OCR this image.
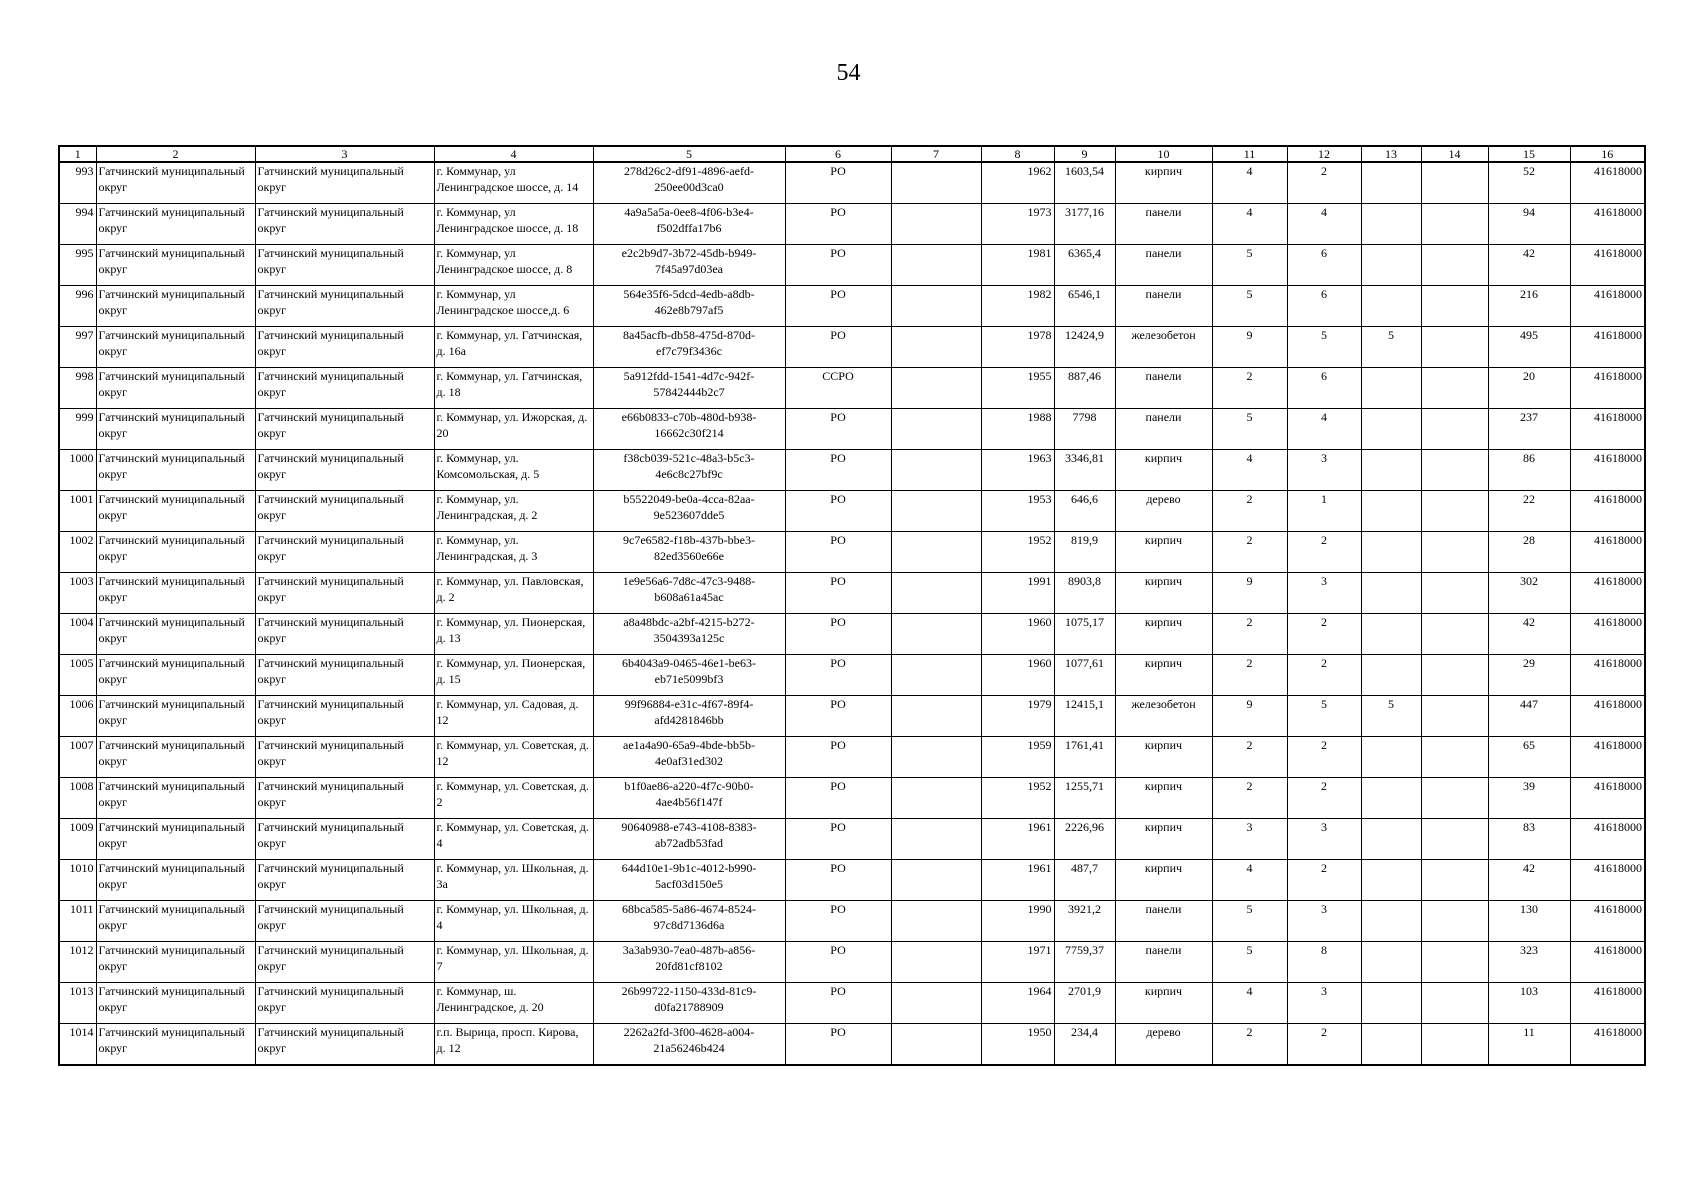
54
1	2	3	4	5	6	7	8	9	10	11	12	13	14	15	16
993	Гатчинский муниципальный округ	Гатчинский муниципальный округ	г. Коммунар, ул Ленинградское шоссе, д. 14	278d26c2-df91-4896-aefd-250ee00d3ca0	РО		1962	1603,54	кирпич	4	2			52	41618000
994	Гатчинский муниципальный округ	Гатчинский муниципальный округ	г. Коммунар, ул Ленинградское шоссе, д. 18	4a9a5a5a-0ee8-4f06-b3e4-f502dffa17b6	РО		1973	3177,16	панели	4	4			94	41618000
995	Гатчинский муниципальный округ	Гатчинский муниципальный округ	г. Коммунар, ул Ленинградское шоссе, д. 8	e2c2b9d7-3b72-45db-b949-7f45a97d03ea	РО		1981	6365,4	панели	5	6			42	41618000
996	Гатчинский муниципальный округ	Гатчинский муниципальный округ	г. Коммунар, ул Ленинградское шоссе,д. 6	564e35f6-5dcd-4edb-a8db-462e8b797af5	РО		1982	6546,1	панели	5	6			216	41618000
997	Гатчинский муниципальный округ	Гатчинский муниципальный округ	г. Коммунар, ул. Гатчинская, д. 16а	8a45acfb-db58-475d-870d-ef7c79f3436c	РО		1978	12424,9	железобетон	9	5	5		495	41618000
998	Гатчинский муниципальный округ	Гатчинский муниципальный округ	г. Коммунар, ул. Гатчинская, д. 18	5a912fdd-1541-4d7c-942f-57842444b2c7	ССРО		1955	887,46	панели	2	6			20	41618000
999	Гатчинский муниципальный округ	Гатчинский муниципальный округ	г. Коммунар, ул. Ижорская, д. 20	e66b0833-c70b-480d-b938-16662c30f214	РО		1988	7798	панели	5	4			237	41618000
1000	Гатчинский муниципальный округ	Гатчинский муниципальный округ	г. Коммунар, ул. Комсомольская, д. 5	f38cb039-521c-48a3-b5c3-4e6c8c27bf9c	РО		1963	3346,81	кирпич	4	3			86	41618000
1001	Гатчинский муниципальный округ	Гатчинский муниципальный округ	г. Коммунар, ул. Ленинградская, д. 2	b5522049-be0a-4cca-82aa-9e523607dde5	РО		1953	646,6	дерево	2	1			22	41618000
1002	Гатчинский муниципальный округ	Гатчинский муниципальный округ	г. Коммунар, ул. Ленинградская, д. 3	9c7e6582-f18b-437b-bbe3-82ed3560e66e	РО		1952	819,9	кирпич	2	2			28	41618000
1003	Гатчинский муниципальный округ	Гатчинский муниципальный округ	г. Коммунар, ул. Павловская, д. 2	1e9e56a6-7d8c-47c3-9488-b608a61a45ac	РО		1991	8903,8	кирпич	9	3			302	41618000
1004	Гатчинский муниципальный округ	Гатчинский муниципальный округ	г. Коммунар, ул. Пионерская, д. 13	a8a48bdc-a2bf-4215-b272-3504393a125c	РО		1960	1075,17	кирпич	2	2			42	41618000
1005	Гатчинский муниципальный округ	Гатчинский муниципальный округ	г. Коммунар, ул. Пионерская, д. 15	6b4043a9-0465-46e1-be63-eb71e5099bf3	РО		1960	1077,61	кирпич	2	2			29	41618000
1006	Гатчинский муниципальный округ	Гатчинский муниципальный округ	г. Коммунар, ул. Садовая, д. 12	99f96884-e31c-4f67-89f4-afd4281846bb	РО		1979	12415,1	железобетон	9	5	5		447	41618000
1007	Гатчинский муниципальный округ	Гатчинский муниципальный округ	г. Коммунар, ул. Советская, д. 12	ae1a4a90-65a9-4bde-bb5b-4e0af31ed302	РО		1959	1761,41	кирпич	2	2			65	41618000
1008	Гатчинский муниципальный округ	Гатчинский муниципальный округ	г. Коммунар, ул. Советская, д. 2	b1f0ae86-a220-4f7c-90b0-4ae4b56f147f	РО		1952	1255,71	кирпич	2	2			39	41618000
1009	Гатчинский муниципальный округ	Гатчинский муниципальный округ	г. Коммунар, ул. Советская, д. 4	90640988-e743-4108-8383-ab72adb53fad	РО		1961	2226,96	кирпич	3	3			83	41618000
1010	Гатчинский муниципальный округ	Гатчинский муниципальный округ	г. Коммунар, ул. Школьная, д. 3а	644d10e1-9b1c-4012-b990-5acf03d150e5	РО		1961	487,7	кирпич	4	2			42	41618000
1011	Гатчинский муниципальный округ	Гатчинский муниципальный округ	г. Коммунар, ул. Школьная, д. 4	68bca585-5a86-4674-8524-97c8d7136d6a	РО		1990	3921,2	панели	5	3			130	41618000
1012	Гатчинский муниципальный округ	Гатчинский муниципальный округ	г. Коммунар, ул. Школьная, д. 7	3a3ab930-7ea0-487b-a856-20fd81cf8102	РО		1971	7759,37	панели	5	8			323	41618000
1013	Гатчинский муниципальный округ	Гатчинский муниципальный округ	г. Коммунар, ш. Ленинградское, д. 20	26b99722-1150-433d-81c9-d0fa21788909	РО		1964	2701,9	кирпич	4	3			103	41618000
1014	Гатчинский муниципальный округ	Гатчинский муниципальный округ	г.п. Вырица, просп. Кирова, д. 12	2262a2fd-3f00-4628-a004-21a56246b424	РО		1950	234,4	дерево	2	2			11	41618000
